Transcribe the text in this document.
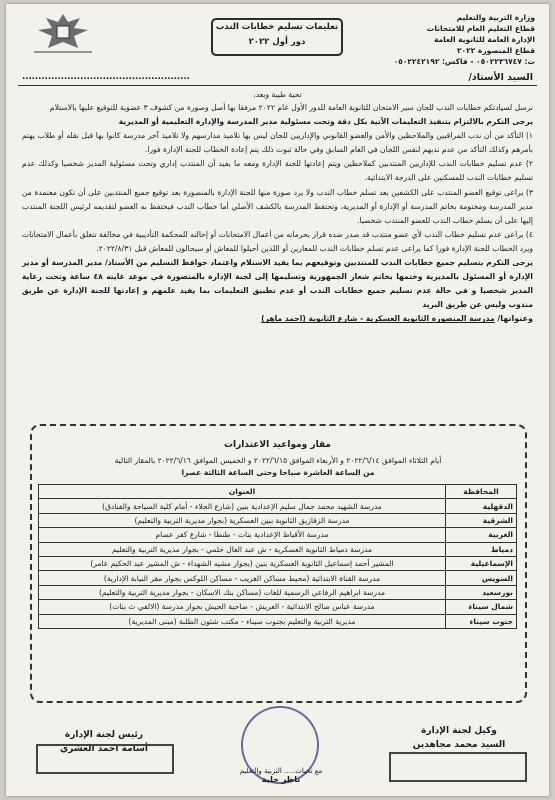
وزارة التربية والتعليم
قطاع التعليم العام للامتحانات
الإدارة العامة للثانوية العامة
قطاع المنصورة ٢٠٢٢
ت: ٠٥٠٢٢٣٦٧٤٧ - فاكس: ٠٥٠٢٢٤٢١٩٢
تعليمات تسليم خطابات الندب
دور أول ٢٠٢٢
السيد الأستاذ/
....................................................
تحية طيبة وبعد،

نرسل لسيادتكم خطابات الندب للجان سير الامتحان للثانوية العامة للدور الأول عام ٢٠٢٢ مرفقا بها أصل وصورة من كشوف ٣ عضوية للتوقيع عليها بالاستلام

يرجى التكرم بالالتزام بتنفيذ التعليمات الآتية بكل دقة وتحت مسئولية مدير المدرسة والإدارة التعليمية أو المديرية

١) التأكد من أن ندب المراقبين والملاحظين والأمن والعضو القانوني والإداريين للجان ليس بها تلاميذ مدارسهم ولا تلاميذ آخر مدرسة كانوا بها قبل نقله أو طلاب يهتم بأمرهم وكذلك التأكد من عدم ندبهم لنفس اللجان في العام السابق وفي حالة ثبوت ذلك يتم إعادة الخطاب للجنة الإدارة فورا.

٢) عدم تسليم خطابات الندب للإداريين المنتدبين كملاحظين ويتم إعادتها للجنة الإدارة ومعه ما يفيد أن المنتدب إداري وتحت مسئولية المدير شخصيا وكذلك عدم تسليم خطابات الندب للمسكنين على الدرجة الابتدائية.

٣) يراعى توقيع العضو المنتدب على الكشفين بعد تسلم خطاب الندب ولا يرد صورة منها للجنة الإدارة بالمنصورة بعد توقيع جميع المنتدبين على أن تكون معتمدة من مدير المدرسة ومختومة بخاتم المدرسة أو الإدارة أو المديرية، وتحتفظ المدرسة بالكشف الأصلي أما خطاب الندب فيحتفظ به العضو لتقديمه لرئيس اللجنة المنتدب إليها على أن يسلم خطاب الندب للعضو المنتدب شخصيا.

٤) يراعى عدم تسليم خطاب الندب لأي عضو منتدب قد صدر ضده قرار بحرمانه من أعمال الامتحانات أو إحالته للمحكمة التأديبية في مخالفة تتعلق بأعمال الامتحانات ويرد الخطاب للجنة الإدارة فورا كما يراعى عدم تسلم خطابات الندب للمعارين أو اللذين أحيلوا للمعاش أو سيحالون للمعاش قبل ٢٠٢٢/٨/٣١.

يرجى التكرم بتسليم جميع خطابات الندب للمنتدبين وتوقيعهم بما يفيد الاستلام واعتماد حوافظ التسليم من الأستاذ/ مدير المدرسة أو مدير الإدارة أو المسئول بالمديرية وختمها بخاتم شعار الجمهورية وتسليمها إلى لجنة الإدارة بالمنصورة في موعد غايته ٤٨ ساعة وتحت رعاية المدير شخصيا و في حالة عدم تسليم جميع خطابات الندب أو عدم تطبيق التعليمات بما يفيد علمهم و إعادتها للجنة الإدارة عن طريق مندوب وليس عن طريق البريد

وعنوانها/ مدرسة المنصورة الثانوية العسكرية - شارع الثانوية (احمد ماهر)

مقار ومواعيد الاعتذارات
أيام الثلاثاء الموافق ٢٠٢٢/٦/١٤ و الأربعاء الموافق ٢٠٢٢/٦/١٥ و الخميس الموافق ٢٠٢٢/٦/١٦ بالمقار التالية
من الساعة العاشرة صباحا وحتى الساعة الثالثة عصرا
المحافظة	العنوان
الدقهلية	مدرسة الشهيد محمد جمال سليم الإعدادية بنين (شارع الجلاء - أمام كلية السياحة والفنادق)
الشرقية	مدرسة الزقازيق الثانوية بنين العسكرية (بجوار مديرية التربية والتعليم)
الغربية	مدرسة الأقباط الإعدادية بنات - طنطا - شارع كفر عصام
دمياط	مدرسة دمياط الثانوية العسكرية - ش عبد العال حلمي - بجوار مديرية التربية والتعليم
الإسماعيلية	المشير أحمد إسماعيل الثانوية العسكرية بنين (بجوار مشيه الشهداء - ش المشير عبد الحكيم عامر)
السويس	مدرسة القناة الابتدائية (محيط مساكن الغريب - مساكن اللوكس بجوار مقر النيابة الإدارية)
بورسعيد	مدرسة ابراهيم الرفاعي الرسمية للغات (مساكن بنك الاسكان - بجوار مديرية التربية والتعليم)
شمال سيناء	مدرسة عباس صالح الابتدائية - العريش - ضاحية الجيش بجوار مدرسة (الالفي ث بنات)
جنوب سيناء	مديرية التربية والتعليم بجنوب سيناء - مكتب شئون الطلبة (مبنى المديرية)
وكيل لجنة الإدارة
السيد محمد مجاهدين
رئيس لجنة الإدارة
أسامة احمد العشري
مع تحيات..... التربية والتعليم
ناظر خلية
